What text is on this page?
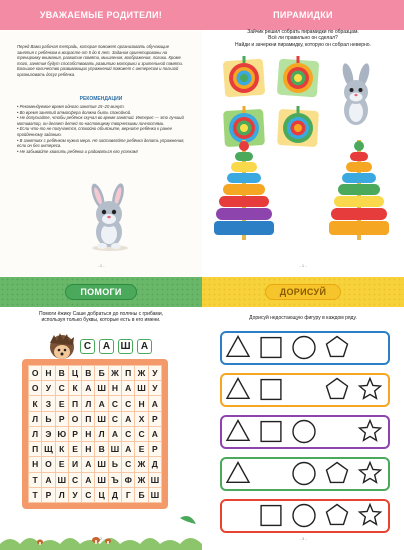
УВАЖАЕМЫЕ РОДИТЕЛИ!
Перед Вами рабочая тетрадь, которая поможет организовать обучающие занятия с ребёнком в возрасте от 5 до 6 лет. Задания ориентированы на тренировку внимания, развитие памяти, мышления, воображения, логики. Кроме того, занятия будут способствовать развитию моторики и зрительной памяти. Большое количество развивающих упражнений поможет с интересом и пользой организовать досуг ребёнка.
РЕКОМЕНДАЦИИ
• Рекомендуемое время одного занятия 15–20 минут.
• Во время занятий атмосфера должна быть спокойной.
• Не допускайте, чтобы ребёнок скучал во время занятий. Интерес — это лучший мотиватор, он делает детей по-настоящему творческими личностями.
• Если что-то не получается, спокойно объясните, верните ребёнка к ранее пройденному заданию.
• В занятиях с ребёнком нужна мера. Не заставляйте ребёнка делать упражнения, если он без интереса.
• Не забывайте хвалить ребёнка и радоваться его успехам!
- 1 -
ПИРАМИДКИ
Зайчик решил собрать пирамидки по образцам.
Всё ли правильно он сделал?
Найди и зачеркни пирамидку, которую он собрал неверно.
- 1 -
ПОМОГИ
Помоги ёжику Саше добраться до поляны с грибами,
используя только буквы, которые есть в его имени.
С	А	Ш	А
О	Н	В	Ц	В	Б	Ж	П	Ж	У
О	У	С	К	А	Ш	Н	А	Ш	У
К	З	Е	П	Л	А	С	С	Н	А
Л	Ь	Р	О	П	Ш	С	А	Х	Р
Л	Э	Ю	Р	Н	Л	А	С	С	А
П	Щ	К	Е	Н	В	Ш	А	Е	Р
Н	О	Е	И	А	Ш	Ь	С	Ж	Д
Т	А	Ш	С	А	Ш	Ъ	Ф	Ж	Ш
Т	Р	Л	У	С	Ц	Д	Г	Б	Ш
- 2 -
ДОРИСУЙ
Дорисуй недостающую фигуру в каждом ряду.
- 3 -
